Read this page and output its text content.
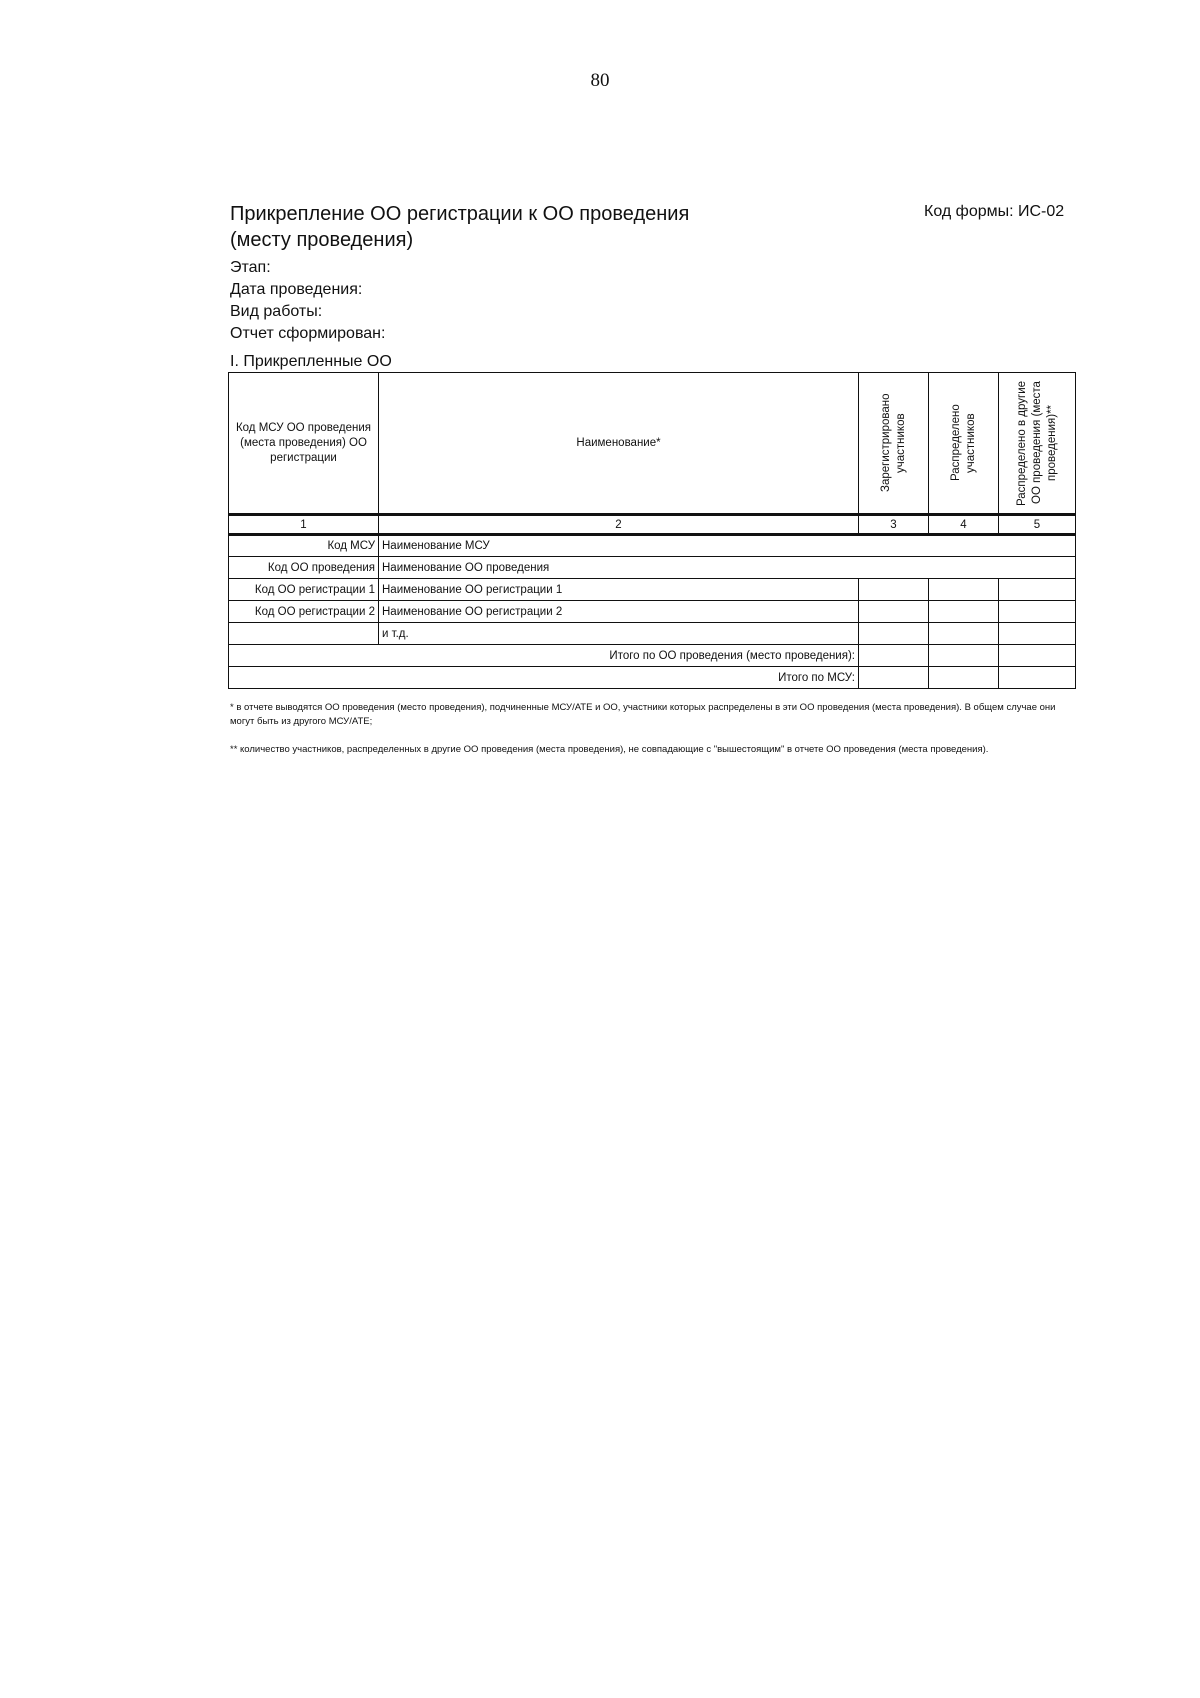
80
Прикрепление ОО регистрации к ОО проведения (месту проведения)
Код формы: ИС-02
Этап:
Дата проведения:
Вид работы:
Отчет сформирован:
I. Прикрепленные ОО
Код МСУ ОО проведения (места проведения) ОО регистрации	Наименование*	Зарегистрировано участников	Распределено участников	Распределено в другие ОО проведения (места проведения)**

1	2	3	4	5
Код МСУ	Наименование МСУ			
Код ОО проведения	Наименование ОО проведения			
Код ОО регистрации 1	Наименование ОО регистрации 1			
Код ОО регистрации 2	Наименование ОО регистрации 2			
	и т.д.			
Итого по ОО проведения (место проведения):				
Итого по МСУ:				

* в отчете выводятся ОО проведения (место проведения), подчиненные МСУ/АТЕ и ОО, участники которых распределены в эти ОО проведения (места проведения). В общем случае они могут быть из другого МСУ/АТЕ;

** количество участников, распределенных в другие ОО проведения (места проведения), не совпадающие с "вышестоящим" в отчете ОО проведения (места проведения).
